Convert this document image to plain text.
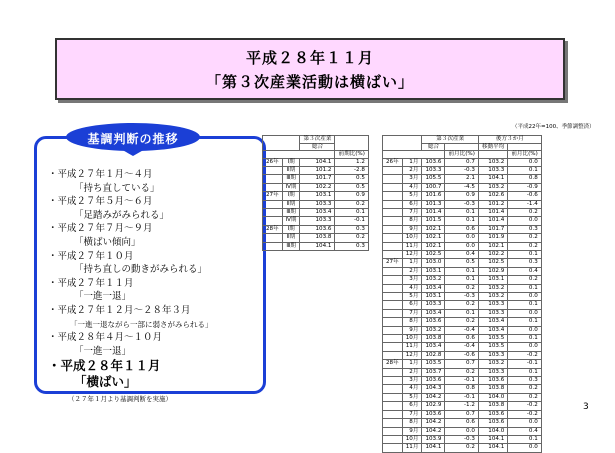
平成２８年１１月
「第３次産業活動は横ばい」
基調判断の推移
・平成２７年１月～４月
「持ち直している」
・平成２７年５月～６月
「足踏みがみられる」
・平成２７年７月～９月
「横ばい傾向」
・平成２７年１０月
「持ち直しの動きがみられる」
・平成２７年１１月
「一進一退」
・平成２７年１２月～２８年３月
「一進一退ながら一部に弱さがみられる」
・平成２８年４月～１０月
「一進一退」
・平成２８年１１月
「横ばい」
（２７年１月より基調判断を実施）
（平成22年=100、季節調整済）
		第３次産業	
		総合	
			前期比(%)
26年	Ⅰ期	104.1	1.2
	Ⅱ期	101.2	-2.8
	Ⅲ期	101.7	0.5
	Ⅳ期	102.2	0.5
27年	Ⅰ期	103.1	0.9
	Ⅱ期	103.3	0.2
	Ⅲ期	103.4	0.1
	Ⅳ期	103.3	-0.1
28年	Ⅰ期	103.6	0.3
	Ⅱ期	103.8	0.2
	Ⅲ期	104.1	0.3
		第３次産業		後方３か月	
		総合		移動平均	
			前月比(%)		前月比(%)
26年	1月	103.6	0.7	103.2	0.0
	2月	103.3	-0.3	103.3	0.1
	3月	105.5	2.1	104.1	0.8
	4月	100.7	-4.5	103.2	-0.9
	5月	101.6	0.9	102.6	-0.6
	6月	101.3	-0.3	101.2	-1.4
	7月	101.4	0.1	101.4	0.2
	8月	101.5	0.1	101.4	0.0
	9月	102.1	0.6	101.7	0.3
	10月	102.1	0.0	101.9	0.2
	11月	102.1	0.0	102.1	0.2
	12月	102.5	0.4	102.2	0.1
27年	1月	103.0	0.5	102.5	0.3
	2月	103.1	0.1	102.9	0.4
	3月	103.2	0.1	103.1	0.2
	4月	103.4	0.2	103.2	0.1
	5月	103.1	-0.3	103.2	0.0
	6月	103.3	0.2	103.3	0.1
	7月	103.4	0.1	103.3	0.0
	8月	103.6	0.2	103.4	0.1
	9月	103.2	-0.4	103.4	0.0
	10月	103.8	0.6	103.5	0.1
	11月	103.4	-0.4	103.5	0.0
	12月	102.8	-0.6	103.3	-0.2
28年	1月	103.5	0.7	103.2	-0.1
	2月	103.7	0.2	103.3	0.1
	3月	103.6	-0.1	103.6	0.3
	4月	104.3	0.8	103.8	0.2
	5月	104.2	-0.1	104.0	0.2
	6月	102.9	-1.2	103.8	-0.2
	7月	103.6	0.7	103.6	-0.2
	8月	104.2	0.6	103.6	0.0
	9月	104.2	0.0	104.0	0.4
	10月	103.9	-0.3	104.1	0.1
	11月	104.1	0.2	104.1	0.0
3
